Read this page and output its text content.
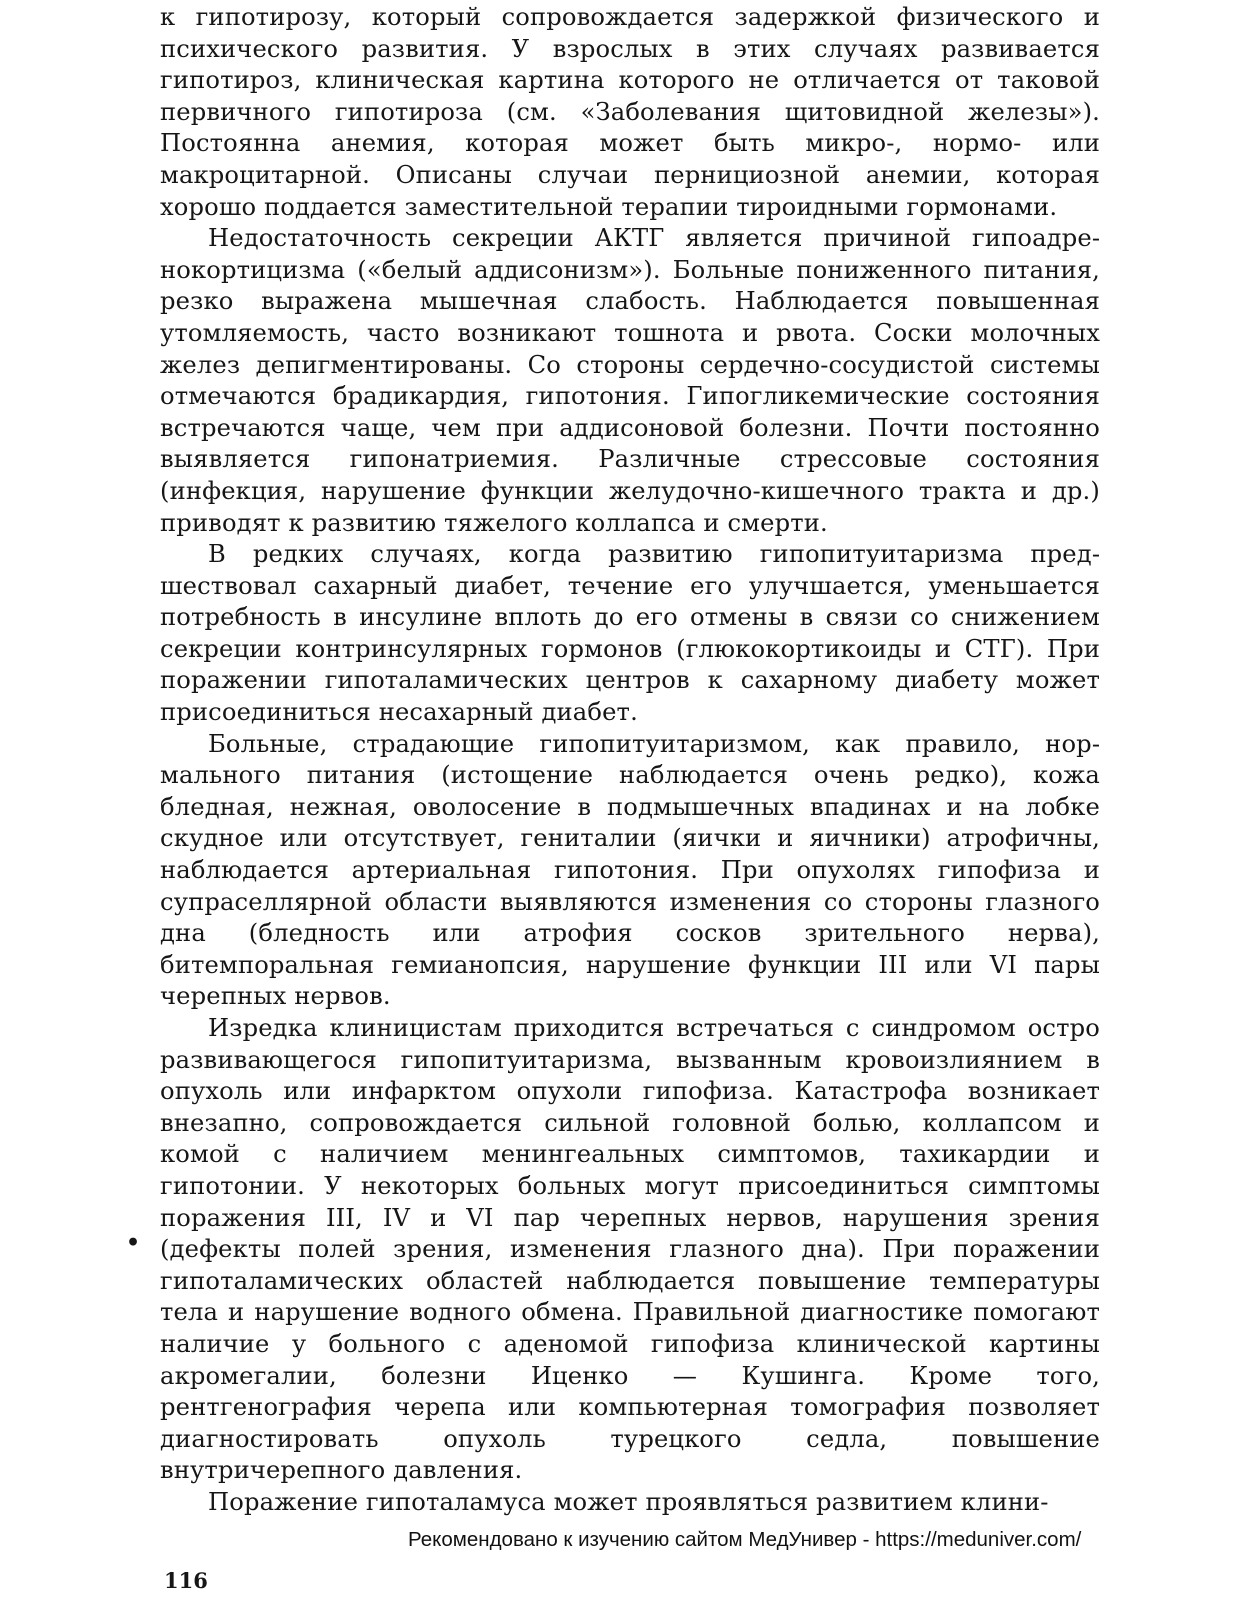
к гипотирозу, который сопровождается задержкой физического и психического развития. У взрослых в этих случаях развивается гипотироз, клиническая картина которого не отличается от таковой первичного гипотироза (см. «Заболевания щитовидной железы»). Постоянна анемия, которая может быть микро-, нормо- или макроцитарной. Описаны случаи пернициозной анемии, которая хорошо поддается заместительной терапии тироидными гормонами.

Недостаточность секреции АКТГ является причиной гипоадренокортицизма («белый аддисонизм»). Больные пониженного питания, резко выражена мышечная слабость. Наблюдается повышенная утомляемость, часто возникают тошнота и рвота. Соски молочных желез депигментированы. Со стороны сердечно-сосудистой системы отмечаются брадикардия, гипотония. Гипогликемические состояния встречаются чаще, чем при аддисоновой болезни. Почти постоянно выявляется гипонатриемия. Различные стрессовые состояния (инфекция, нарушение функции желудочно-кишечного тракта и др.) приводят к развитию тяжелого коллапса и смерти.

В редких случаях, когда развитию гипопитуитаризма предшествовал сахарный диабет, течение его улучшается, уменьшается потребность в инсулине вплоть до его отмены в связи со снижением секреции контринсулярных гормонов (глюкокортикоиды и СТГ). При поражении гипоталамических центров к сахарному диабету может присоединиться несахарный диабет.

Больные, страдающие гипопитуитаризмом, как правило, нормального питания (истощение наблюдается очень редко), кожа бледная, нежная, оволосение в подмышечных впадинах и на лобке скудное или отсутствует, гениталии (яички и яичники) атрофичны, наблюдается артериальная гипотония. При опухолях гипофиза и супраселлярной области выявляются изменения со стороны глазного дна (бледность или атрофия сосков зрительного нерва), битемпоральная гемианопсия, нарушение функции III или VI пары черепных нервов.

Изредка клиницистам приходится встречаться с синдромом остро развивающегося гипопитуитаризма, вызванным кровоизлиянием в опухоль или инфарктом опухоли гипофиза. Катастрофа возникает внезапно, сопровождается сильной головной болью, коллапсом и комой с наличием менингеальных симптомов, тахикардии и гипотонии. У некоторых больных могут присоединиться симптомы поражения III, IV и VI пар черепных нервов, нарушения зрения (дефекты полей зрения, изменения глазного дна). При поражении гипоталамических областей наблюдается повышение температуры тела и нарушение водного обмена. Правильной диагностике помогают наличие у больного с аденомой гипофиза клинической картины акромегалии, болезни Иценко — Кушинга. Кроме того, рентгенография черепа или компьютерная томография позволяет диагностировать опухоль турецкого седла, повышение внутричерепного давления.

Поражение гипоталамуса может проявляться развитием клини-

•
Рекомендовано к изучению сайтом МедУнивер - https://meduniver.com/
116
